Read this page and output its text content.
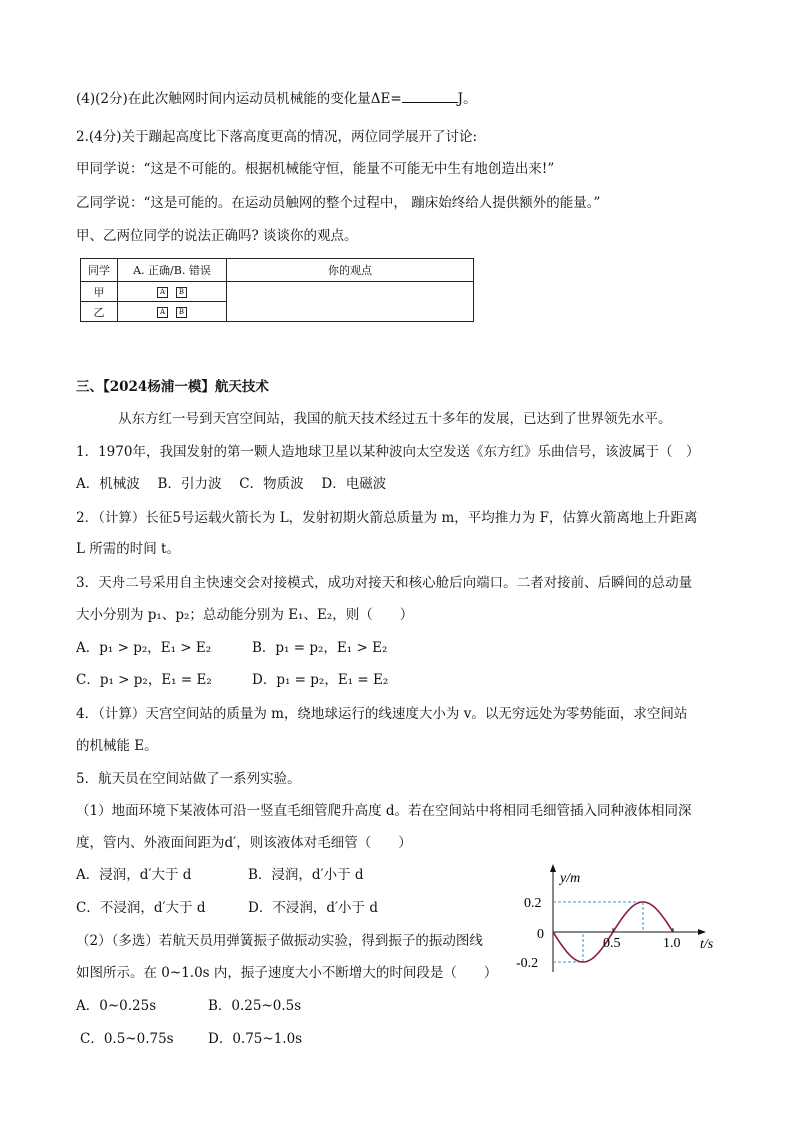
(4)(2分)在此次触网时间内运动员机械能的变化量ΔE=	J。
2.(4分)关于蹦起高度比下落高度更高的情况，两位同学展开了讨论:
甲同学说：“这是不可能的。根据机械能守恒，能量不可能无中生有地创造出来!”
乙同学说：“这是可能的。在运动员触网的整个过程中， 蹦床始终给人提供额外的能量。”
甲、乙两位同学的说法正确吗? 谈谈你的观点。
同学	A. 正确/B. 错误	你的观点
甲	A B	
乙	A B	
三、【2024杨浦一模】航天技术
从东方红一号到天宫空间站，我国的航天技术经过五十多年的发展，已达到了世界领先水平。
1．1970年，我国发射的第一颗人造地球卫星以某种波向太空发送《东方红》乐曲信号，该波属于（　）
A．机械波　 B．引力波　 C．物质波　 D．电磁波
2．（计算）长征5号运载火箭长为 L，发射初期火箭总质量为 m，平均推力为 F，估算火箭离地上升距离
L 所需的时间 t。
3．天舟二号采用自主快速交会对接模式，成功对接天和核心舱后向端口。二者对接前、后瞬间的总动量
大小分别为 p₁、p₂；总动能分别为 E₁、E₂，则（　　）
A．p₁ > p₂，E₁ > E₂	B．p₁ = p₂，E₁ > E₂
C．p₁ > p₂，E₁ = E₂	D．p₁ = p₂，E₁ = E₂
4．（计算）天宫空间站的质量为 m，绕地球运行的线速度大小为 v。以无穷远处为零势能面，求空间站
的机械能 E。
5．航天员在空间站做了一系列实验。
（1）地面环境下某液体可沿一竖直毛细管爬升高度 d。若在空间站中将相同毛细管插入同种液体相同深
度，管内、外液面间距为d′，则该液体对毛细管（　　）
A．浸润，d′大于 d	B．浸润，d′小于 d
C．不浸润，d′大于 d	D．不浸润，d′小于 d
（2）（多选）若航天员用弹簧振子做振动实验，得到振子的振动图线
如图所示。在 0~1.0s 内，振子速度大小不断增大的时间段是（　　）
A．0~0.25s	B．0.25~0.5s
C．0.5~0.75s	D．0.75~1.0s
y/m
t/s
0
0.5	1.0
0.2
-0.2
